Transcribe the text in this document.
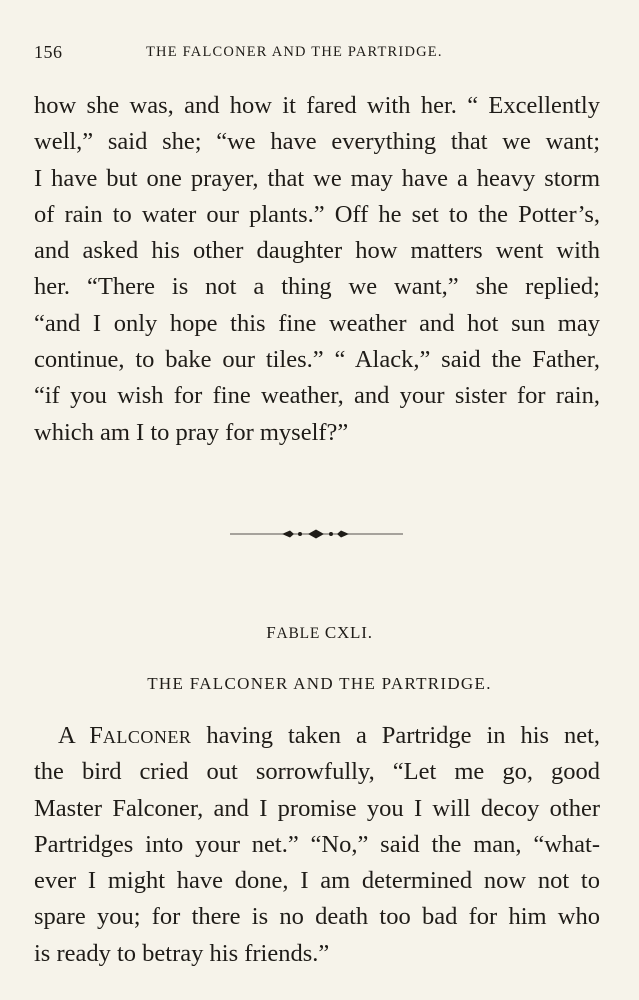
156	THE FALCONER AND THE PARTRIDGE.
how she was, and how it fared with her. “ Excellently
well,” said she; “we have everything that we want;
I have but one prayer, that we may have a heavy storm
of rain to water our plants.” Off he set to the Potter’s,
and asked his other daughter how matters went with
her. “There is not a thing we want,” she replied;
“and I only hope this fine weather and hot sun may
continue, to bake our tiles.” “ Alack,” said the Father,
“if you wish for fine weather, and your sister for rain,
which am I to pray for myself?”
FABLE CXLI.
THE FALCONER AND THE PARTRIDGE.
A FALCONER having taken a Partridge in his net,
the bird cried out sorrowfully, “Let me go, good
Master Falconer, and I promise you I will decoy other
Partridges into your net.” “No,” said the man, “what-
ever I might have done, I am determined now not to
spare you; for there is no death too bad for him who
is ready to betray his friends.”
